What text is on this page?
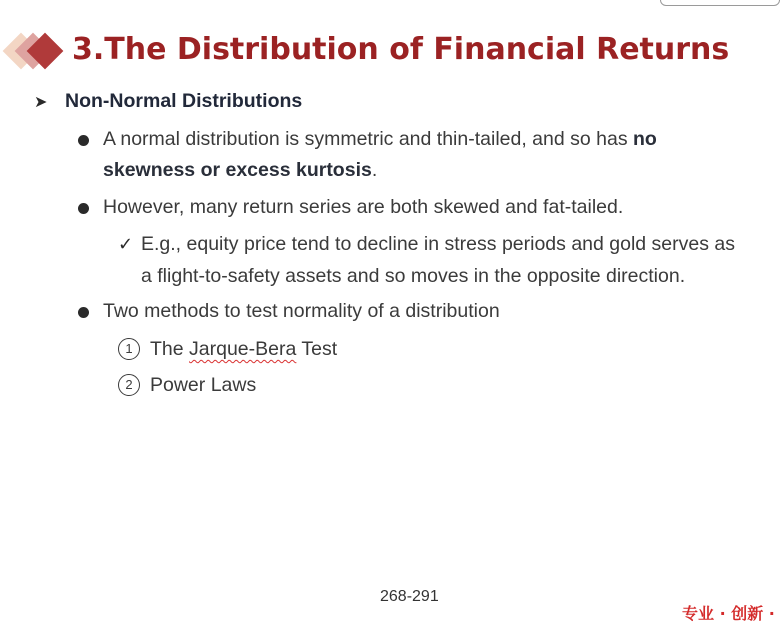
3.The Distribution of Financial Returns
➤ Non-Normal Distributions
A normal distribution is symmetric and thin-tailed, and so has no skewness or excess kurtosis.
However, many return series are both skewed and fat-tailed.
✓ E.g., equity price tend to decline in stress periods and gold serves as
a flight-to-safety assets and so moves in the opposite direction.
Two methods to test normality of a distribution
1 The Jarque-Bera Test
2 Power Laws
268-291
专业 · 创新 ·
